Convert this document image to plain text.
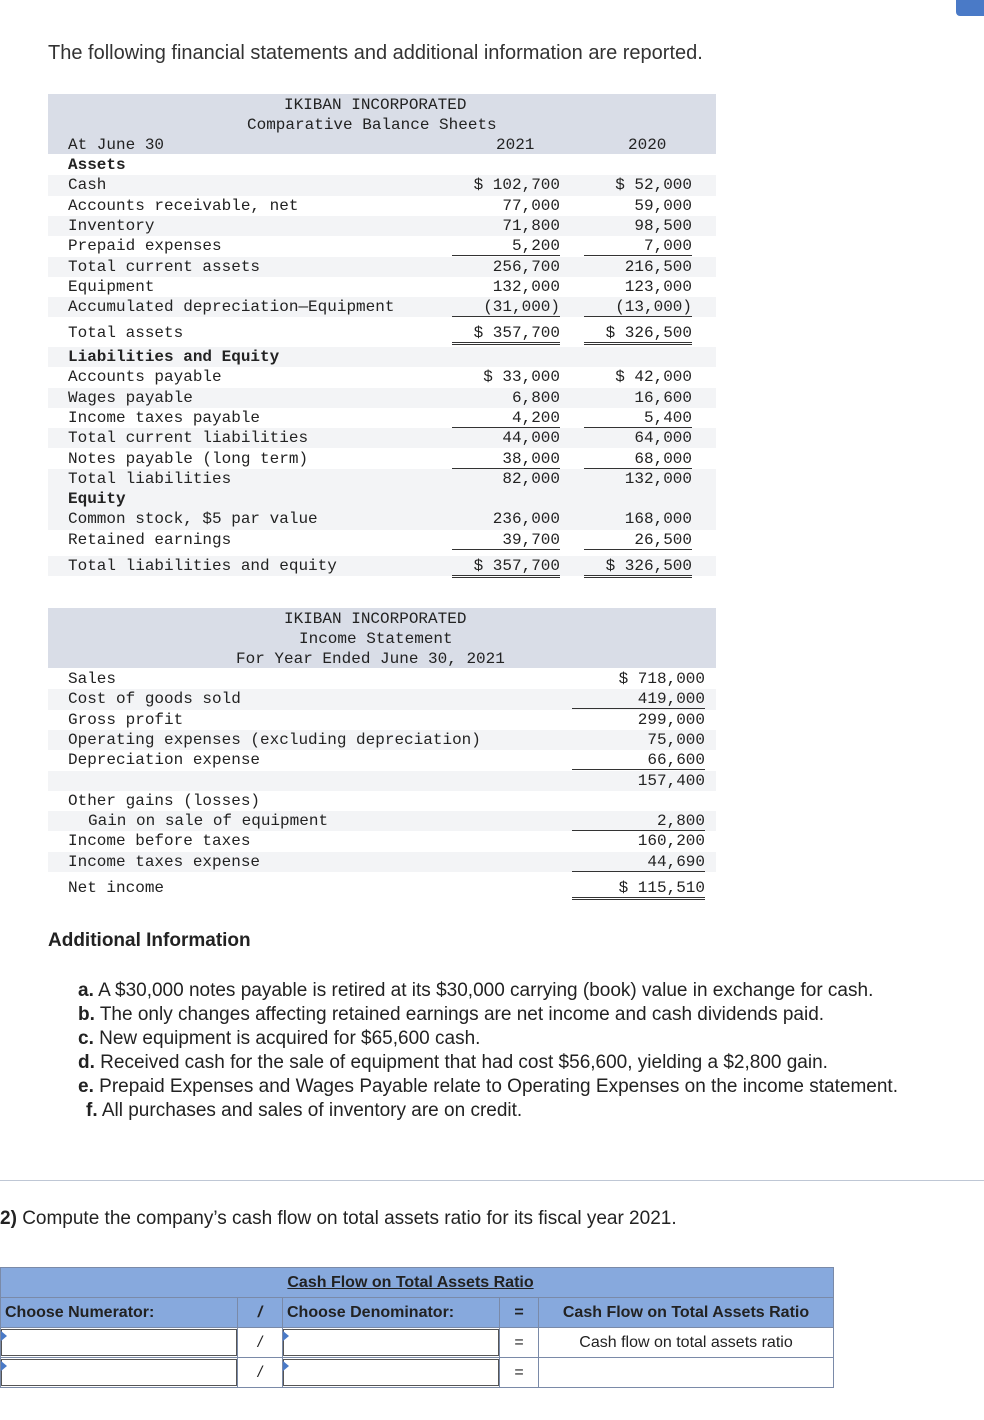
The following financial statements and additional information are reported.
IKIBAN INCORPORATED
Comparative Balance Sheets
At June 30	2021	2020
Assets
Cash	$ 102,700	$ 52,000
Accounts receivable, net	77,000	59,000
Inventory	71,800	98,500
Prepaid expenses	5,200	7,000
Total current assets	256,700	216,500
Equipment	132,000	123,000
Accumulated depreciation—Equipment	(31,000)	(13,000)
Total assets	$ 357,700	$ 326,500
Liabilities and Equity
Accounts payable	$ 33,000	$ 42,000
Wages payable	6,800	16,600
Income taxes payable	4,200	5,400
Total current liabilities	44,000	64,000
Notes payable (long term)	38,000	68,000
Total liabilities	82,000	132,000
Equity
Common stock, $5 par value	236,000	168,000
Retained earnings	39,700	26,500
Total liabilities and equity	$ 357,700	$ 326,500
IKIBAN INCORPORATED
Income Statement
For Year Ended June 30, 2021
Sales	$ 718,000
Cost of goods sold	419,000
Gross profit	299,000
Operating expenses (excluding depreciation)	75,000
Depreciation expense	66,600
157,400
Other gains (losses)
Gain on sale of equipment	2,800
Income before taxes	160,200
Income taxes expense	44,690
Net income	$ 115,510
Additional Information
a. A $30,000 notes payable is retired at its $30,000 carrying (book) value in exchange for cash.
b. The only changes affecting retained earnings are net income and cash dividends paid.
c. New equipment is acquired for $65,600 cash.
d. Received cash for the sale of equipment that had cost $56,600, yielding a $2,800 gain.
e. Prepaid Expenses and Wages Payable relate to Operating Expenses on the income statement.
f. All purchases and sales of inventory are on credit.
2) Compute the company’s cash flow on total assets ratio for its fiscal year 2021.
		Cash Flow on Total Assets Ratio		
Choose Numerator:	/	Choose Denominator:	=	Cash Flow on Total Assets Ratio

	/		=	Cash flow on total assets ratio

	/		=	
